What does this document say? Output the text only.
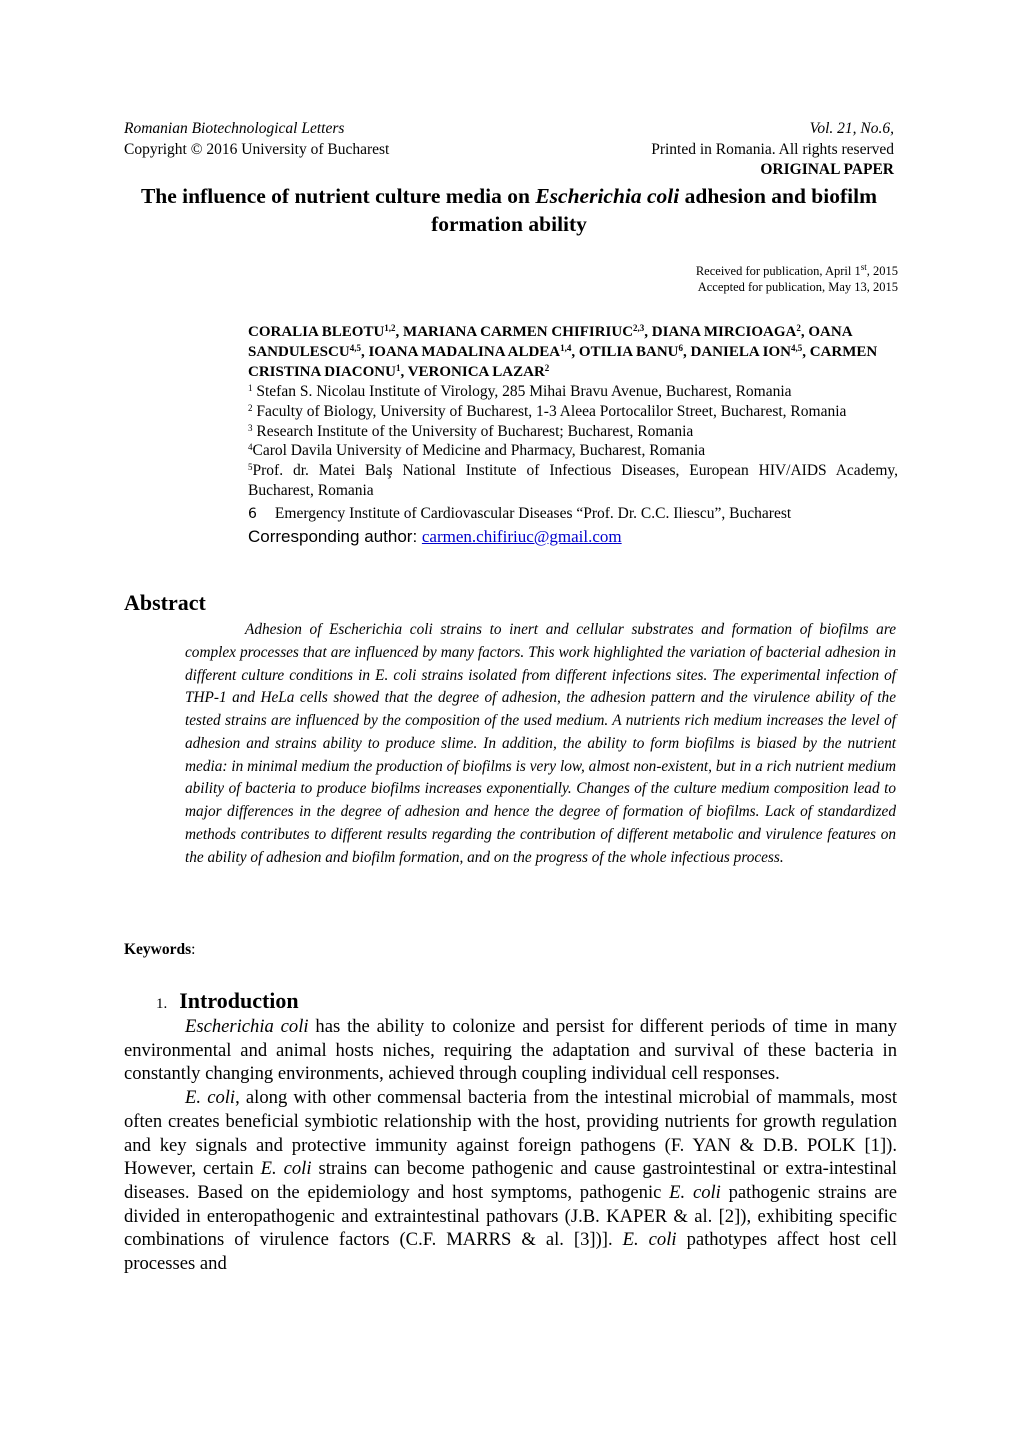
Romanian Biotechnological Letters	Vol. 21, No.6,
Copyright © 2016 University of Bucharest	Printed in Romania. All rights reserved
ORIGINAL PAPER
The influence of nutrient culture media on Escherichia coli adhesion and biofilm formation ability
Received for publication, April 1st, 2015
Accepted for publication, May 13, 2015
CORALIA BLEOTU$^{1,2}$, MARIANA CARMEN CHIFIRIUC$^{2,3}$, DIANA MIRCIOAGA$^2$, OANA SANDULESCU$^{4,5}$, IOANA MADALINA ALDEA$^{1,4}$, OTILIA BANU$^6$, DANIELA ION$^{4,5}$, CARMEN CRISTINA DIACONU$^1$, VERONICA LAZAR$^2$
$^1$ Stefan S. Nicolau Institute of Virology, 285 Mihai Bravu Avenue, Bucharest, Romania
$^2$ Faculty of Biology, University of Bucharest, 1-3 Aleea Portocalilor Street, Bucharest, Romania
$^3$ Research Institute of the University of Bucharest; Bucharest, Romania
$^4$Carol Davila University of Medicine and Pharmacy, Bucharest, Romania
$^5$Prof. dr. Matei Balş National Institute of Infectious Diseases, European HIV/AIDS Academy, Bucharest, Romania
6 Emergency Institute of Cardiovascular Diseases “Prof. Dr. C.C. Iliescu”, Bucharest
Corresponding author: carmen.chifiriuc@gmail.com
Abstract
Adhesion of Escherichia coli strains to inert and cellular substrates and formation of biofilms are complex processes that are influenced by many factors. This work highlighted the variation of bacterial adhesion in different culture conditions in E. coli strains isolated from different infections sites. The experimental infection of THP-1 and HeLa cells showed that the degree of adhesion, the adhesion pattern and the virulence ability of the tested strains are influenced by the composition of the used medium. A nutrients rich medium increases the level of adhesion and strains ability to produce slime. In addition, the ability to form biofilms is biased by the nutrient media: in minimal medium the production of biofilms is very low, almost non-existent, but in a rich nutrient medium ability of bacteria to produce biofilms increases exponentially. Changes of the culture medium composition lead to major differences in the degree of adhesion and hence the degree of formation of biofilms. Lack of standardized methods contributes to different results regarding the contribution of different metabolic and virulence features on the ability of adhesion and biofilm formation, and on the progress of the whole infectious process.
Keywords:
1. Introduction

Escherichia coli has the ability to colonize and persist for different periods of time in many environmental and animal hosts niches, requiring the adaptation and survival of these bacteria in constantly changing environments, achieved through coupling individual cell responses.

E. coli, along with other commensal bacteria from the intestinal microbial of mammals, most often creates beneficial symbiotic relationship with the host, providing nutrients for growth regulation and key signals and protective immunity against foreign pathogens (F. YAN & D.B. POLK [1]). However, certain E. coli strains can become pathogenic and cause gastrointestinal or extra-intestinal diseases. Based on the epidemiology and host symptoms, pathogenic E. coli pathogenic strains are divided in enteropathogenic and extraintestinal pathovars (J.B. KAPER & al. [2]), exhibiting specific combinations of virulence factors (C.F. MARRS & al. [3])]. E. coli pathotypes affect host cell processes and
